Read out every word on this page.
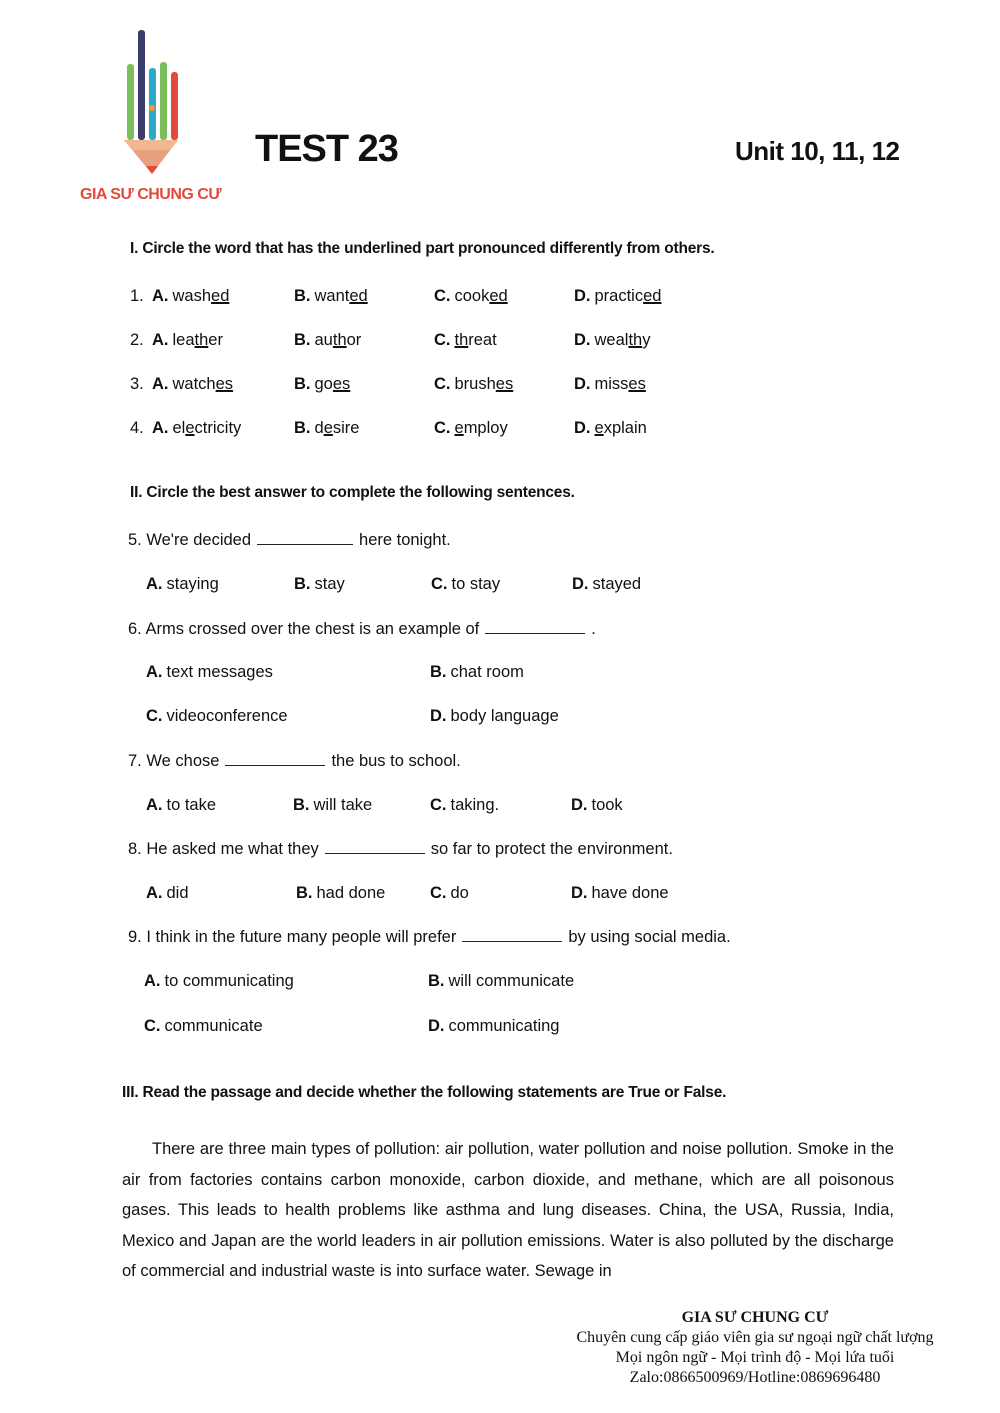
GIA SƯ CHUNG CƯ
TEST 23	Unit 10, 11, 12
I. Circle the word that has the underlined part pronounced differently from others.
1. A. washed	B. wanted	C. cooked	D. practiced
2. A. leather	B. author	C. threat	D. wealthy
3. A. watches	B. goes	C. brushes	D. misses
4. A. electricity	B. desire	C. employ	D. explain
II. Circle the best answer to complete the following sentences.
5. We're decided	here tonight.
A. staying	B. stay	C. to stay	D. stayed
6. Arms crossed over the chest is an example of	.
A. text messages	B. chat room
C. videoconference	D. body language
7. We chose	the bus to school.
A. to take	B. will take	C. taking.	D. took
8. He asked me what they	so far to protect the environment.
A. did	B. had done	C. do	D. have done
9. I think in the future many people will prefer	by using social media.
A. to communicating	B. will communicate
C. communicate	D. communicating
III. Read the passage and decide whether the following statements are True or False.
There are three main types of pollution: air pollution, water pollution and noise pollution. Smoke in the air from factories contains carbon monoxide, carbon dioxide, and methane, which are all poisonous gases. This leads to health problems like asthma and lung diseases. China, the USA, Russia, India, Mexico and Japan are the world leaders in air pollution emissions. Water is also polluted by the discharge of commercial and industrial waste is into surface water. Sewage in
GIA SƯ CHUNG CƯ
Chuyên cung cấp giáo viên gia sư ngoại ngữ chất lượng
Mọi ngôn ngữ - Mọi trình độ - Mọi lứa tuổi
Zalo:0866500969/Hotline:0869696480
